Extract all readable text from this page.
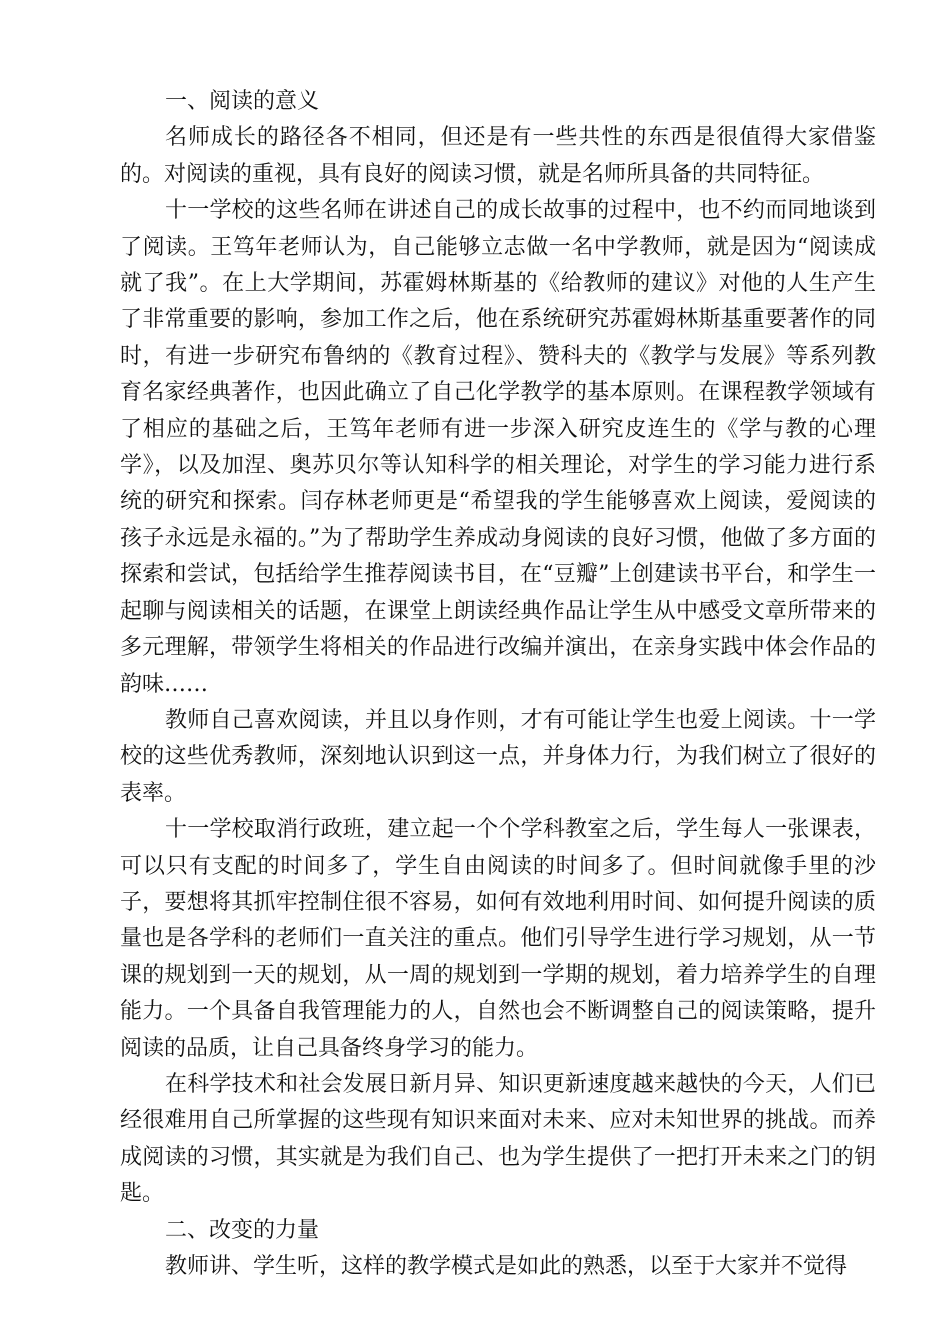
一、阅读的意义

名师成长的路径各不相同，但还是有一些共性的东西是很值得大家借鉴的。对阅读的重视，具有良好的阅读习惯，就是名师所具备的共同特征。

十一学校的这些名师在讲述自己的成长故事的过程中，也不约而同地谈到了阅读。王笃年老师认为，自己能够立志做一名中学教师，就是因为“阅读成就了我”。在上大学期间，苏霍姆林斯基的《给教师的建议》对他的人生产生了非常重要的影响，参加工作之后，他在系统研究苏霍姆林斯基重要著作的同时，有进一步研究布鲁纳的《教育过程》、赞科夫的《教学与发展》等系列教育名家经典著作，也因此确立了自己化学教学的基本原则。在课程教学领域有了相应的基础之后，王笃年老师有进一步深入研究皮连生的《学与教的心理学》，以及加涅、奥苏贝尔等认知科学的相关理论，对学生的学习能力进行系统的研究和探索。闫存林老师更是“希望我的学生能够喜欢上阅读，爱阅读的孩子永远是永福的。”为了帮助学生养成动身阅读的良好习惯，他做了多方面的探索和尝试，包括给学生推荐阅读书目，在“豆瓣”上创建读书平台，和学生一起聊与阅读相关的话题，在课堂上朗读经典作品让学生从中感受文章所带来的多元理解，带领学生将相关的作品进行改编并演出，在亲身实践中体会作品的韵味……

教师自己喜欢阅读，并且以身作则，才有可能让学生也爱上阅读。十一学校的这些优秀教师，深刻地认识到这一点，并身体力行，为我们树立了很好的表率。

十一学校取消行政班，建立起一个个学科教室之后，学生每人一张课表，可以只有支配的时间多了，学生自由阅读的时间多了。但时间就像手里的沙子，要想将其抓牢控制住很不容易，如何有效地利用时间、如何提升阅读的质量也是各学科的老师们一直关注的重点。他们引导学生进行学习规划，从一节课的规划到一天的规划，从一周的规划到一学期的规划，着力培养学生的自理能力。一个具备自我管理能力的人，自然也会不断调整自己的阅读策略，提升阅读的品质，让自己具备终身学习的能力。

在科学技术和社会发展日新月异、知识更新速度越来越快的今天，人们已经很难用自己所掌握的这些现有知识来面对未来、应对未知世界的挑战。而养成阅读的习惯，其实就是为我们自己、也为学生提供了一把打开未来之门的钥匙。

二、改变的力量

教师讲、学生听，这样的教学模式是如此的熟悉，以至于大家并不觉得
